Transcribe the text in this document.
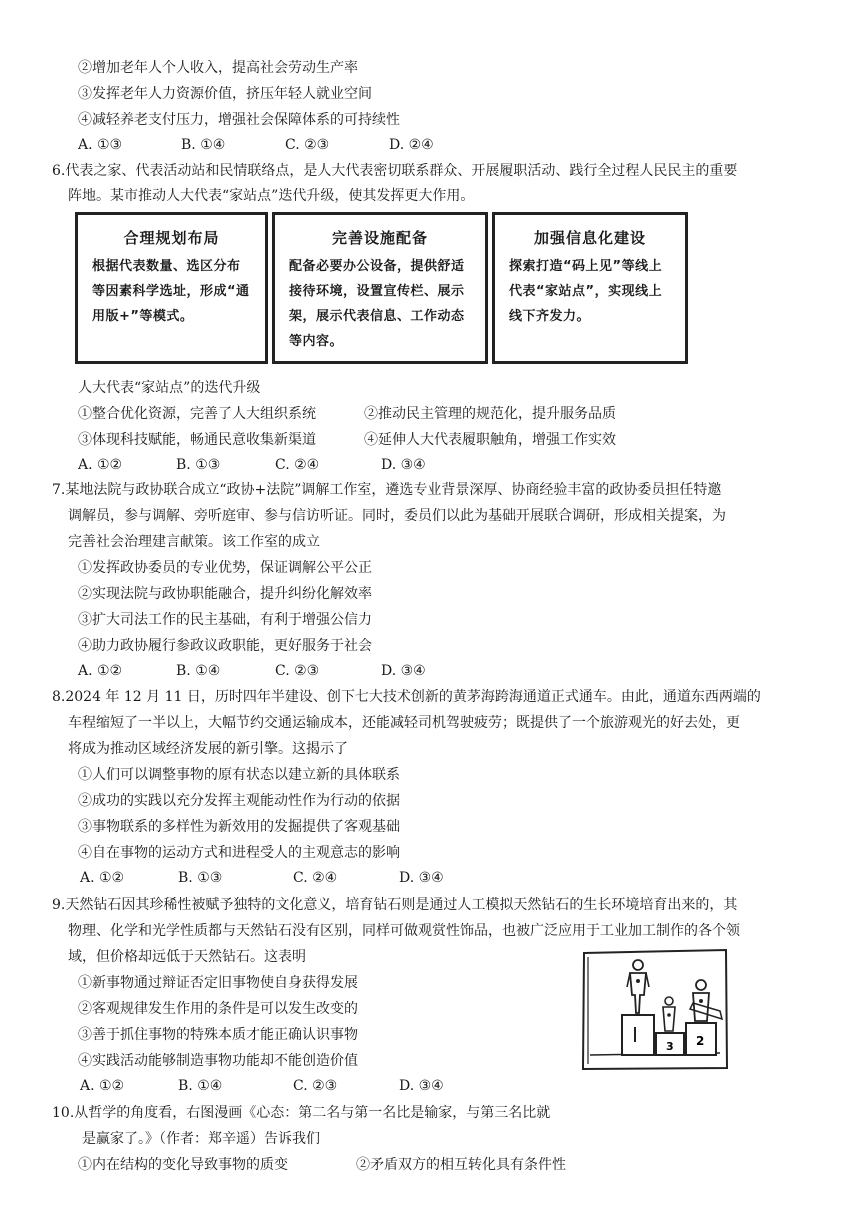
②增加老年人个人收入，提高社会劳动生产率
③发挥老年人力资源价值，挤压年轻人就业空间
④减轻养老支付压力，增强社会保障体系的可持续性
A. ①③	B. ①④	C. ②③	D. ②④
6.代表之家、代表活动站和民情联络点，是人大代表密切联系群众、开展履职活动、践行全过程人民民主的重要
阵地。某市推动人大代表“家站点”迭代升级，使其发挥更大作用。
合理规划布局
根据代表数量、选区分布等因素科学选址，形成“通用版+”等模式。
完善设施配备
配备必要办公设备，提供舒适接待环境，设置宣传栏、展示架，展示代表信息、工作动态等内容。
加强信息化建设
探索打造“码上见”等线上代表“家站点”，实现线上线下齐发力。
人大代表“家站点”的迭代升级
①整合优化资源，完善了人大组织系统	②推动民主管理的规范化，提升服务品质
③体现科技赋能，畅通民意收集新渠道	④延伸人大代表履职触角，增强工作实效
A. ①②	B. ①③	C. ②④	D. ③④
7.某地法院与政协联合成立“政协+法院”调解工作室，遴选专业背景深厚、协商经验丰富的政协委员担任特邀
调解员，参与调解、旁听庭审、参与信访听证。同时，委员们以此为基础开展联合调研，形成相关提案，为
完善社会治理建言献策。该工作室的成立
①发挥政协委员的专业优势，保证调解公平公正
②实现法院与政协职能融合，提升纠纷化解效率
③扩大司法工作的民主基础，有利于增强公信力
④助力政协履行参政议政职能，更好服务于社会
A. ①②	B. ①④	C. ②③	D. ③④
8.2024 年 12 月 11 日，历时四年半建设、创下七大技术创新的黄茅海跨海通道正式通车。由此，通道东西两端的
车程缩短了一半以上，大幅节约交通运输成本，还能减轻司机驾驶疲劳；既提供了一个旅游观光的好去处，更
将成为推动区域经济发展的新引擎。这揭示了
①人们可以调整事物的原有状态以建立新的具体联系
②成功的实践以充分发挥主观能动性作为行动的依据
③事物联系的多样性为新效用的发掘提供了客观基础
④自在事物的运动方式和进程受人的主观意志的影响
A. ①②	B. ①③	C. ②④	D. ③④
9.天然钻石因其珍稀性被赋予独特的文化意义，培育钻石则是通过人工模拟天然钻石的生长环境培育出来的，其
物理、化学和光学性质都与天然钻石没有区别，同样可做观赏性饰品，也被广泛应用于工业加工制作的各个领
域，但价格却远低于天然钻石。这表明
①新事物通过辩证否定旧事物使自身获得发展
②客观规律发生作用的条件是可以发生改变的
③善于抓住事物的特殊本质才能正确认识事物
④实践活动能够制造事物功能却不能创造价值
A. ①②	B. ①④	C. ②③	D. ③④
3 2
10.从哲学的角度看，右图漫画《心态：第二名与第一名比是输家，与第三名比就
是赢家了。》（作者：郑辛遥）告诉我们
①内在结构的变化导致事物的质变	②矛盾双方的相互转化具有条件性
